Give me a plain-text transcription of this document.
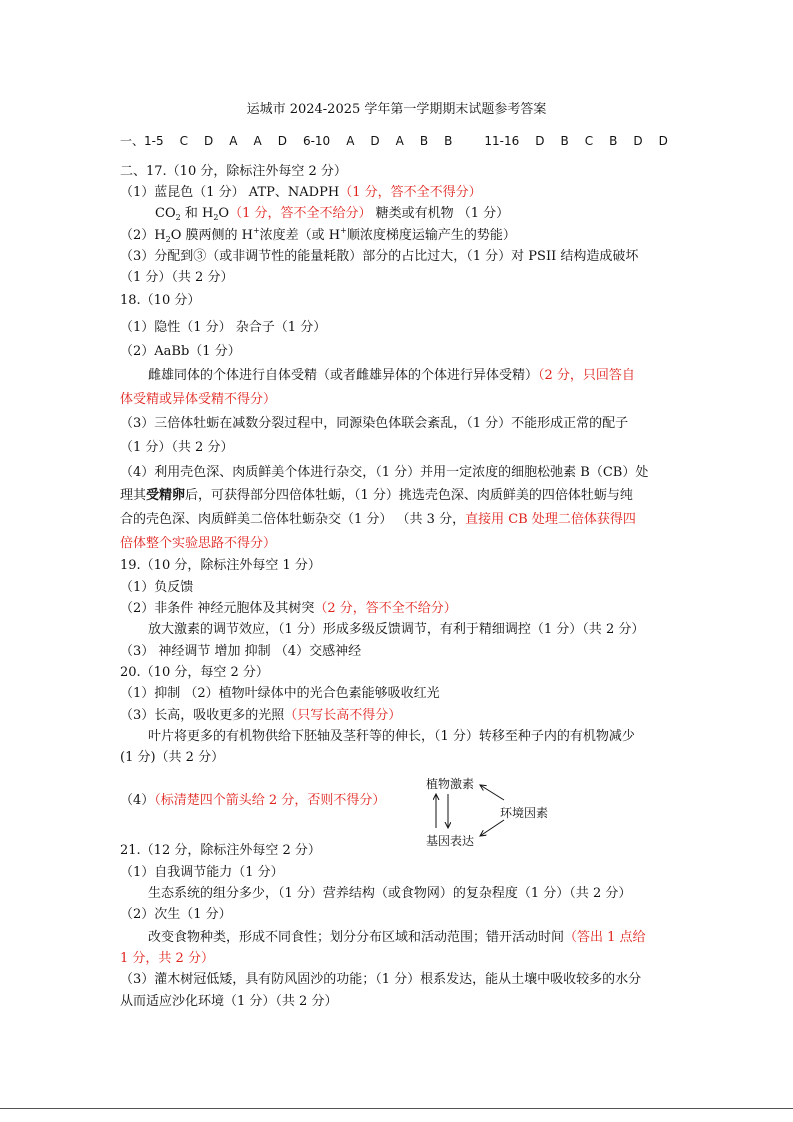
运城市 2024-2025 学年第一学期期末试题参考答案
一、1-5 C D A A D 6-10 A D A B B	11-16 D B C B D D
二、17.（10 分，除标注外每空 2 分）
（1）蓝昆色（1 分） ATP、NADPH（1 分，答不全不得分）
$CO_2$ 和 $H_2O(1$ 分，答不全不给分） 糖类或有机物 （1 分）
$(2)H_2O$ 膜两侧的 H+浓度差（或 H+顺浓度梯度运输产生的势能）
（3）分配到③（或非调节性的能量耗散）部分的占比过大，（1 分）对 PSII 结构造成破坏
（1 分）（共 2 分）
18.（10 分）
（1）隐性（1 分） 杂合子（1 分）
（2）AaBb（1 分）
雌雄同体的个体进行自体受精（或者雌雄异体的个体进行异体受精）（2 分，只回答自
体受精或异体受精不得分）
（3）三倍体牡蛎在减数分裂过程中，同源染色体联会紊乱，（1 分）不能形成正常的配子
（1 分）（共 2 分）
（4）利用壳色深、肉质鲜美个体进行杂交，（1 分）并用一定浓度的细胞松弛素 B（CB）处
理其受精卵后，可获得部分四倍体牡蛎，（1 分）挑选壳色深、肉质鲜美的四倍体牡蛎与纯
合的壳色深、肉质鲜美二倍体牡蛎杂交（1 分） （共 3 分，直接用 CB 处理二倍体获得四
倍体整个实验思路不得分）
19.（10 分，除标注外每空 1 分）
（1）负反馈
（2）非条件 神经元胞体及其树突（2 分，答不全不给分）
放大激素的调节效应，（1 分）形成多级反馈调节，有利于精细调控（1 分）（共 2 分）
（3） 神经调节 增加 抑制 （4）交感神经
20.（10 分，每空 2 分）
（1）抑制 （2）植物叶绿体中的光合色素能够吸收红光
（3）长高，吸收更多的光照（只写长高不得分）
叶片将更多的有机物供给下胚轴及茎秆等的伸长，（1 分）转移至种子内的有机物减少
(1 分)（共 2 分）
（4）（标清楚四个箭头给 2 分，否则不得分）
植物激素
环境因素
基因表达
21.（12 分，除标注外每空 2 分）
（1）自我调节能力（1 分）
生态系统的组分多少，（1 分）营养结构（或食物网）的复杂程度（1 分）（共 2 分）
（2）次生（1 分）
改变食物种类，形成不同食性；划分分布区域和活动范围；错开活动时间（答出 1 点给
1 分，共 2 分）
（3）灌木树冠低矮，具有防风固沙的功能；（1 分）根系发达，能从土壤中吸收较多的水分
从而适应沙化环境（1 分）（共 2 分）
